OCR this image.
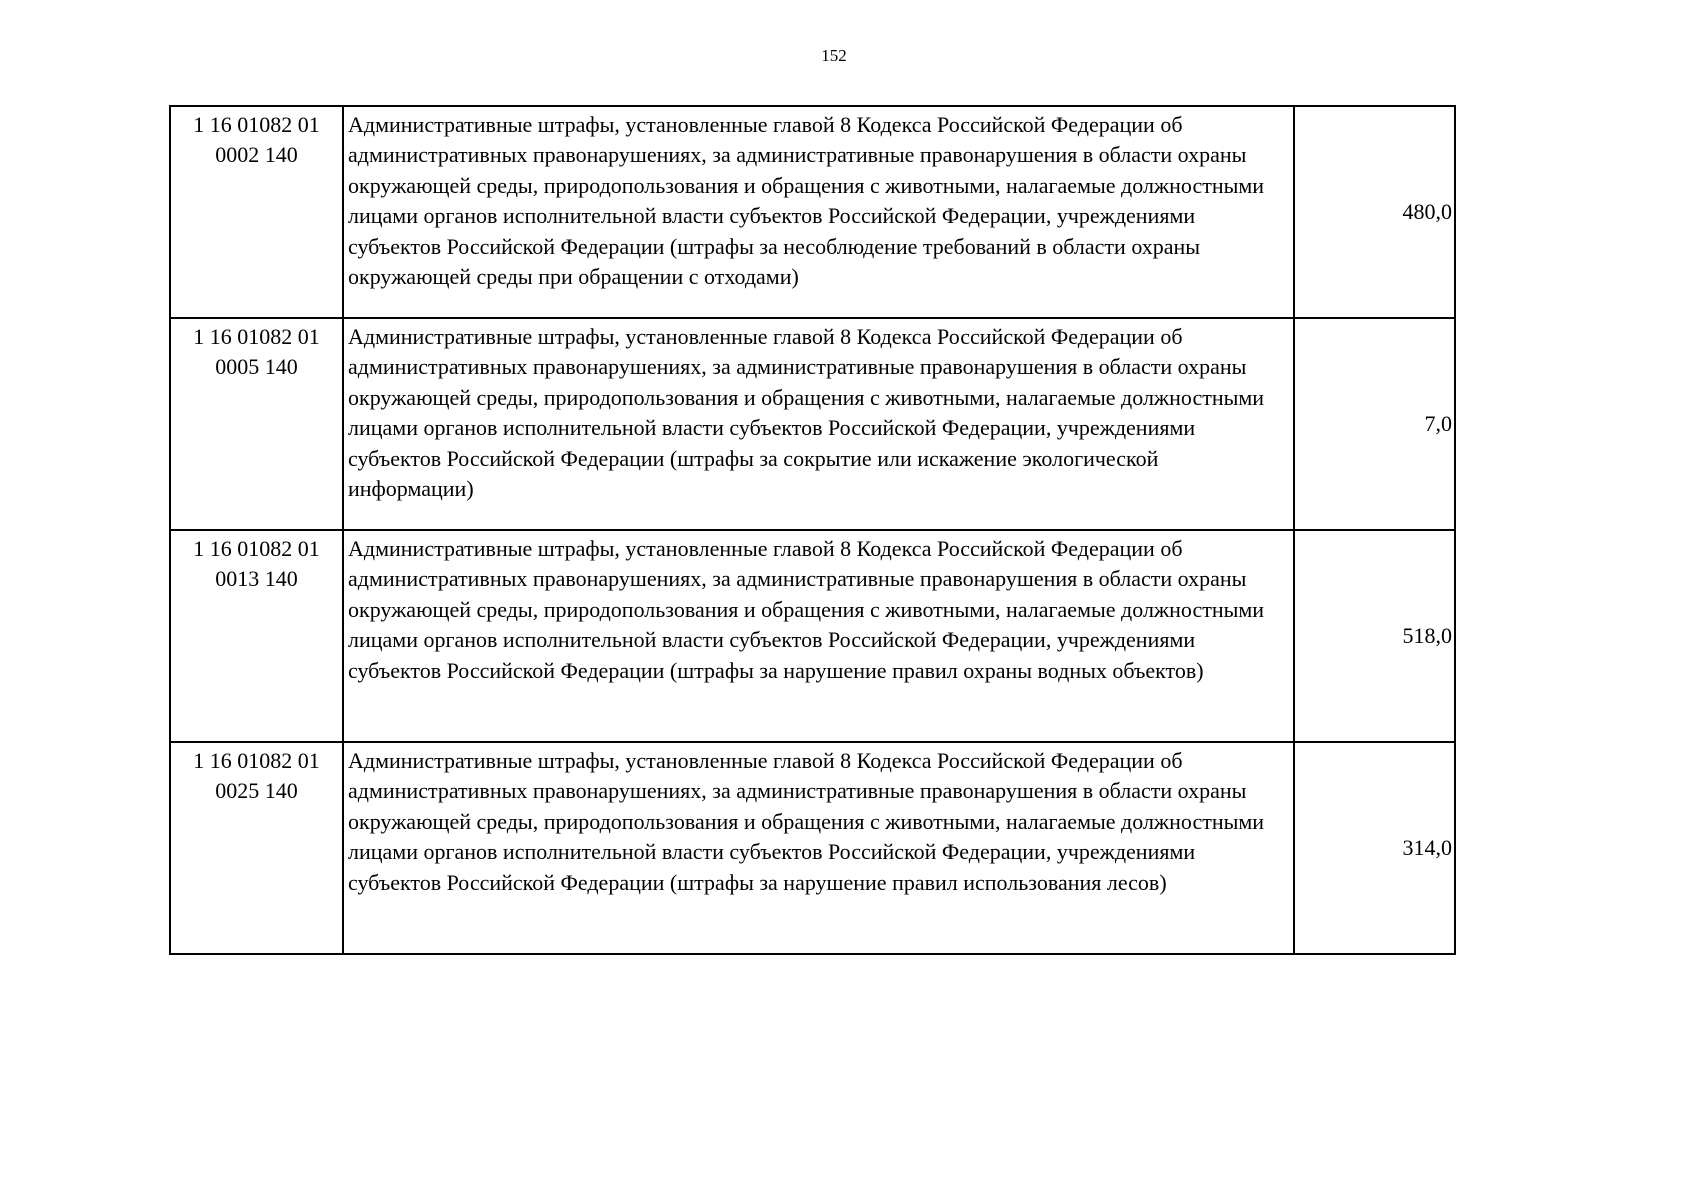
152
1 16 01082 01
0002 140	Административные штрафы, установленные главой 8 Кодекса Российской Федерации об административных правонарушениях, за административные правонарушения в области охраны окружающей среды, природопользования и обращения с животными, налагаемые должностными лицами органов исполнительной власти субъектов Российской Федерации, учреждениями субъектов Российской Федерации (штрафы за несоблюдение требований в области охраны окружающей среды при обращении с отходами)	480,0

1 16 01082 01
0005 140	Административные штрафы, установленные главой 8 Кодекса Российской Федерации об административных правонарушениях, за административные правонарушения в области охраны окружающей среды, природопользования и обращения с животными, налагаемые должностными лицами органов исполнительной власти субъектов Российской Федерации, учреждениями субъектов Российской Федерации (штрафы за сокрытие или искажение экологической информации)	7,0

1 16 01082 01
0013 140	Административные штрафы, установленные главой 8 Кодекса Российской Федерации об административных правонарушениях, за административные правонарушения в области охраны окружающей среды, природопользования и обращения с животными, налагаемые должностными лицами органов исполнительной власти субъектов Российской Федерации, учреждениями субъектов Российской Федерации (штрафы за нарушение правил охраны водных объектов)	518,0

1 16 01082 01
0025 140	Административные штрафы, установленные главой 8 Кодекса Российской Федерации об административных правонарушениях, за административные правонарушения в области охраны окружающей среды, природопользования и обращения с животными, налагаемые должностными лицами органов исполнительной власти субъектов Российской Федерации, учреждениями субъектов Российской Федерации (штрафы за нарушение правил использования лесов)	314,0
